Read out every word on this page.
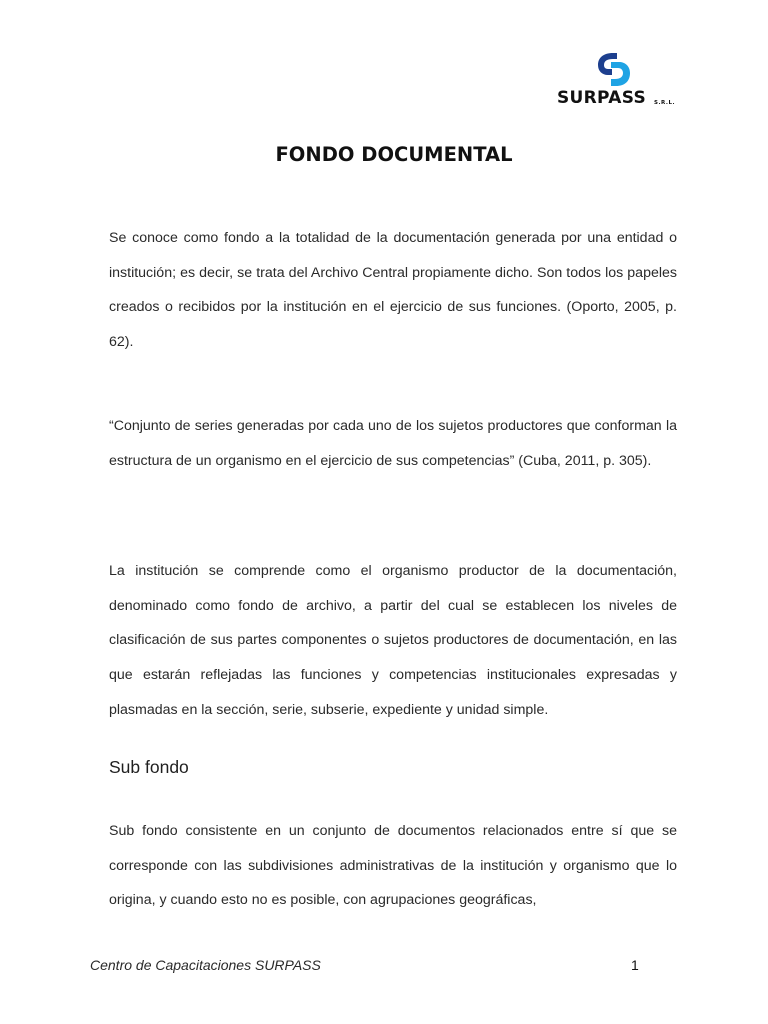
SURPASS S.R.L.
FONDO DOCUMENTAL

Se conoce como fondo a la totalidad de la documentación generada por una entidad o institución; es decir, se trata del Archivo Central propiamente dicho. Son todos los papeles creados o recibidos por la institución en el ejercicio de sus funciones. (Oporto, 2005, p. 62).

“Conjunto de series generadas por cada uno de los sujetos productores que conforman la estructura de un organismo en el ejercicio de sus competencias” (Cuba, 2011, p. 305).

La institución se comprende como el organismo productor de la documentación, denominado como fondo de archivo, a partir del cual se establecen los niveles de clasificación de sus partes componentes o sujetos productores de documentación, en las que estarán reflejadas las funciones y competencias institucionales expresadas y plasmadas en la sección, serie, subserie, expediente y unidad simple.

Sub fondo

Sub fondo consistente en un conjunto de documentos relacionados entre sí que se corresponde con las subdivisiones administrativas de la institución y organismo que lo origina, y cuando esto no es posible, con agrupaciones geográficas,

Centro de Capacitaciones SURPASS	1
